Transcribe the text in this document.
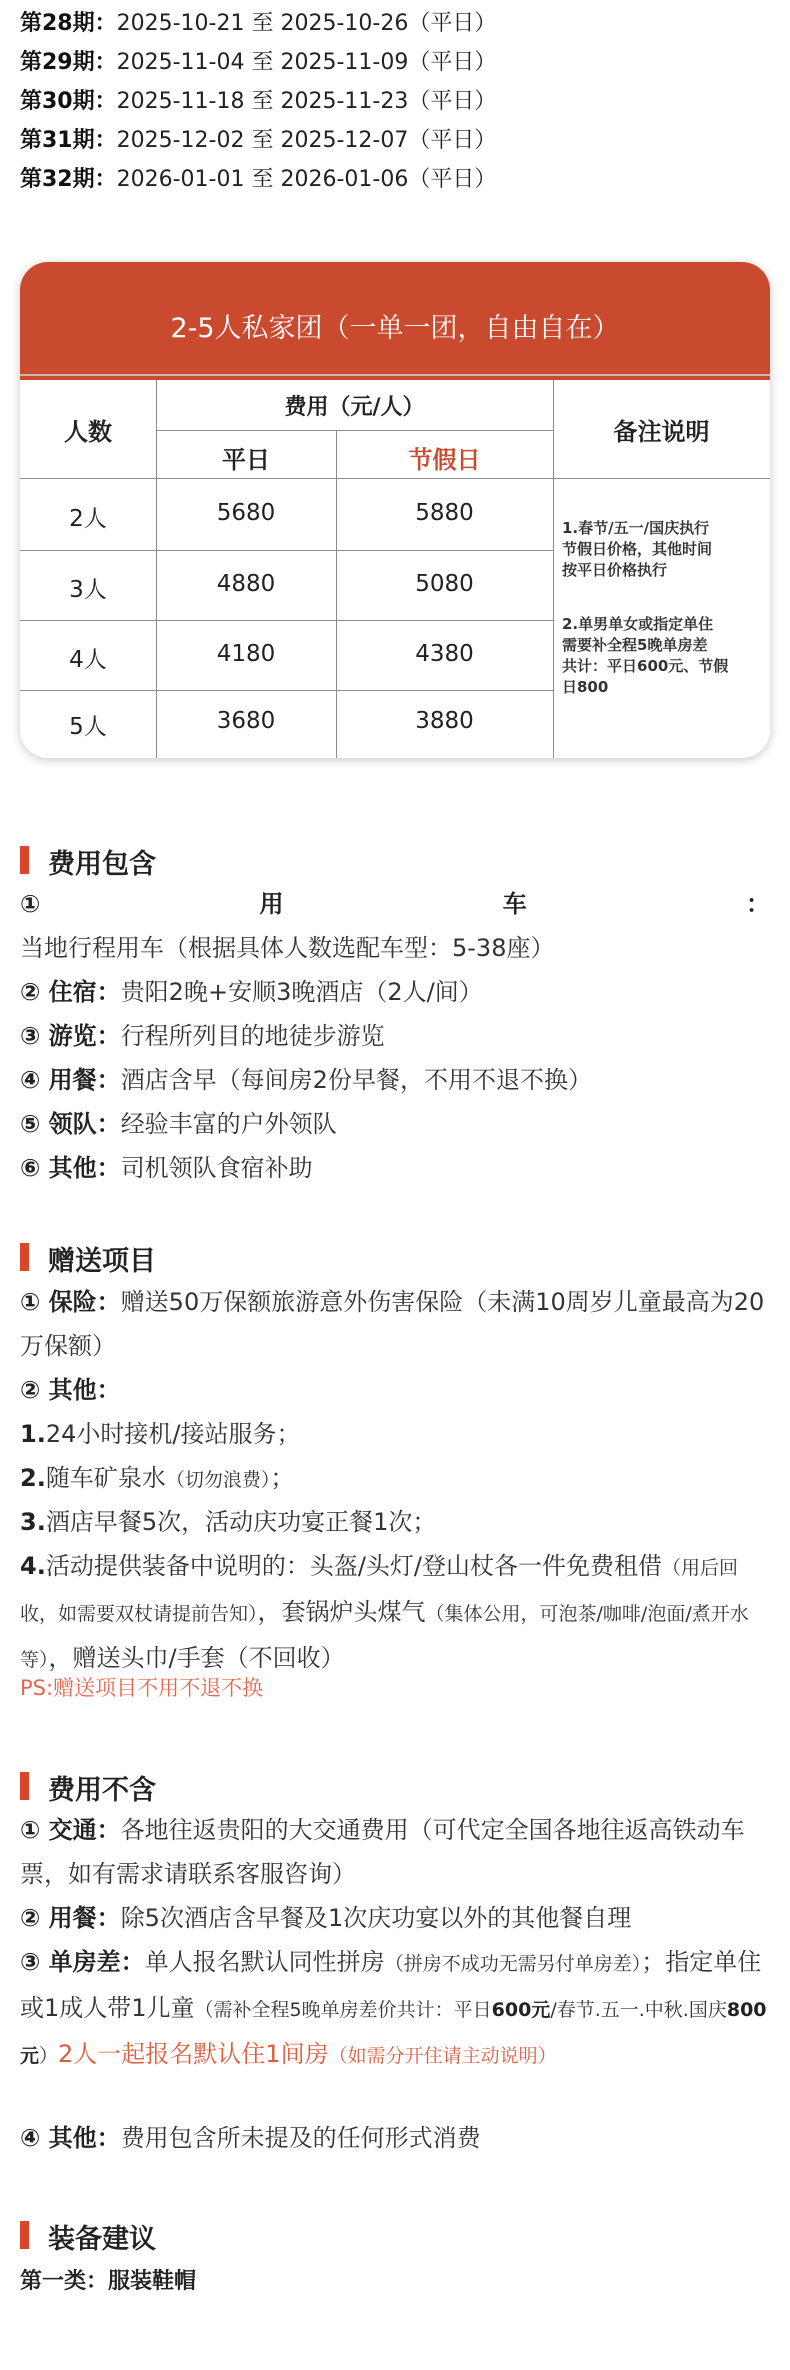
第28期：2025-10-21 至 2025-10-26（平日）
第29期：2025-11-04 至 2025-11-09（平日）
第30期：2025-11-18 至 2025-11-23（平日）
第31期：2025-12-02 至 2025-12-07（平日）
第32期：2026-01-01 至 2026-01-06（平日）
2-5人私家团（一单一团，自由自在）
人数
费用（元/人）
平日	节假日
备注说明
2人	5680	5880
3人	4880	5080
4人	4180	4380
5人	3680	3880
1.春节/五一/国庆执行
节假日价格，其他时间
按平日价格执行
2.单男单女或指定单住
需要补全程5晚单房差
共计：平日600元、节假
日800
费用包含
①	用	车	：
当地行程用车（根据具体人数选配车型：5-38座）
② 住宿：贵阳2晚+安顺3晚酒店（2人/间）
③ 游览：行程所列目的地徒步游览
④ 用餐：酒店含早（每间房2份早餐，不用不退不换）
⑤ 领队：经验丰富的户外领队
⑥ 其他：司机领队食宿补助
赠送项目
① 保险：赠送50万保额旅游意外伤害保险（未满10周岁儿童最高为20万保额）
② 其他：
1.24小时接机/接站服务；
2.随车矿泉水（切勿浪费）；
3.酒店早餐5次，活动庆功宴正餐1次；
4.活动提供装备中说明的：头盔/头灯/登山杖各一件免费租借（用后回收，如需要双杖请提前告知），套锅炉头煤气（集体公用，可泡茶/咖啡/泡面/煮开水等），赠送头巾/手套（不回收）
PS:赠送项目不用不退不换
费用不含
① 交通：各地往返贵阳的大交通费用（可代定全国各地往返高铁动车票，如有需求请联系客服咨询）
② 用餐：除5次酒店含早餐及1次庆功宴以外的其他餐自理
③ 单房差：单人报名默认同性拼房（拼房不成功无需另付单房差）；指定单住或1成人带1儿童（需补全程5晚单房差价共计：平日600元/春节.五一.中秋.国庆800元）2人一起报名默认住1间房（如需分开住请主动说明）
④ 其他：费用包含所未提及的任何形式消费
装备建议
第一类：服装鞋帽
